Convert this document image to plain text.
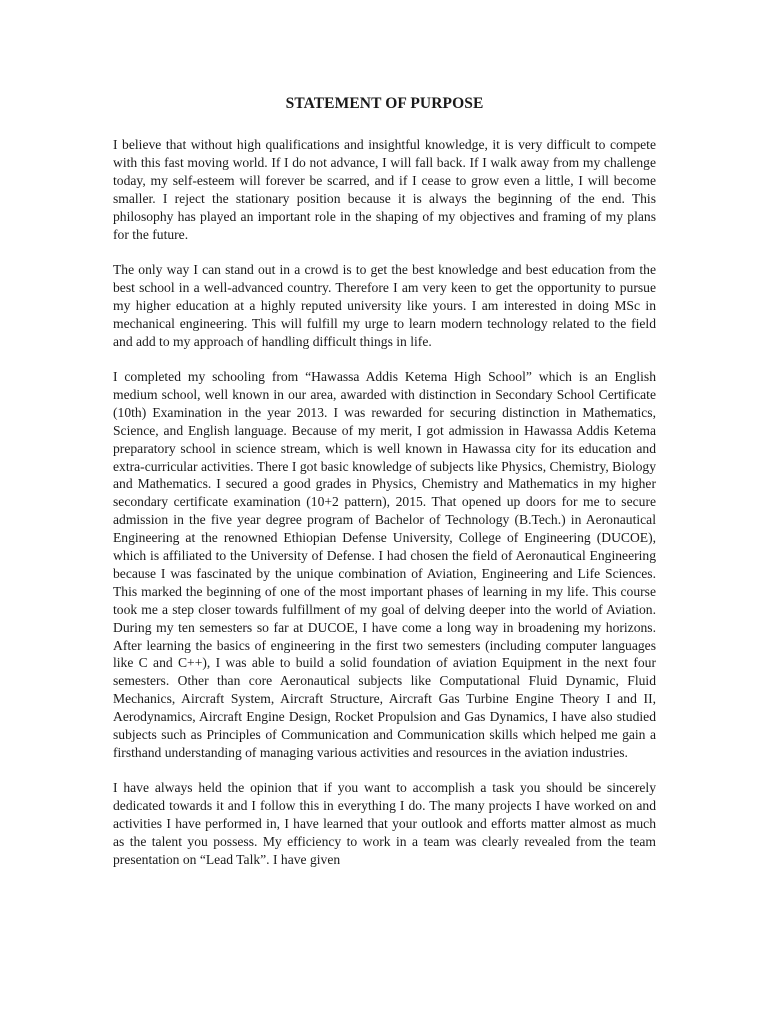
STATEMENT OF PURPOSE

I believe that without high qualifications and insightful knowledge, it is very difficult to compete with this fast moving world. If I do not advance, I will fall back. If I walk away from my challenge today, my self-esteem will forever be scarred, and if I cease to grow even a little, I will become smaller. I reject the stationary position because it is always the beginning of the end. This philosophy has played an important role in the shaping of my objectives and framing of my plans for the future.

The only way I can stand out in a crowd is to get the best knowledge and best education from the best school in a well-advanced country. Therefore I am very keen to get the opportunity to pursue my higher education at a highly reputed university like yours. I am interested in doing MSc in mechanical engineering. This will fulfill my urge to learn modern technology related to the field and add to my approach of handling difficult things in life.

I completed my schooling from “Hawassa Addis Ketema High School” which is an English medium school, well known in our area, awarded with distinction in Secondary School Certificate (10th) Examination in the year 2013. I was rewarded for securing distinction in Mathematics, Science, and English language. Because of my merit, I got admission in Hawassa Addis Ketema preparatory school in science stream, which is well known in Hawassa city for its education and extra-curricular activities. There I got basic knowledge of subjects like Physics, Chemistry, Biology and Mathematics. I secured a good grades in Physics, Chemistry and Mathematics in my higher secondary certificate examination (10+2 pattern), 2015. That opened up doors for me to secure admission in the five year degree program of Bachelor of Technology (B.Tech.) in Aeronautical Engineering at the renowned Ethiopian Defense University, College of Engineering (DUCOE), which is affiliated to the University of Defense. I had chosen the field of Aeronautical Engineering because I was fascinated by the unique combination of Aviation, Engineering and Life Sciences. This marked the beginning of one of the most important phases of learning in my life. This course took me a step closer towards fulfillment of my goal of delving deeper into the world of Aviation. During my ten semesters so far at DUCOE, I have come a long way in broadening my horizons. After learning the basics of engineering in the first two semesters (including computer languages like C and C++), I was able to build a solid foundation of aviation Equipment in the next four semesters. Other than core Aeronautical subjects like Computational Fluid Dynamic, Fluid Mechanics, Aircraft System, Aircraft Structure, Aircraft Gas Turbine Engine Theory I and II, Aerodynamics, Aircraft Engine Design, Rocket Propulsion and Gas Dynamics, I have also studied subjects such as Principles of Communication and Communication skills which helped me gain a firsthand understanding of managing various activities and resources in the aviation industries.

I have always held the opinion that if you want to accomplish a task you should be sincerely dedicated towards it and I follow this in everything I do. The many projects I have worked on and activities I have performed in, I have learned that your outlook and efforts matter almost as much as the talent you possess. My efficiency to work in a team was clearly revealed from the team presentation on “Lead Talk”. I have given
